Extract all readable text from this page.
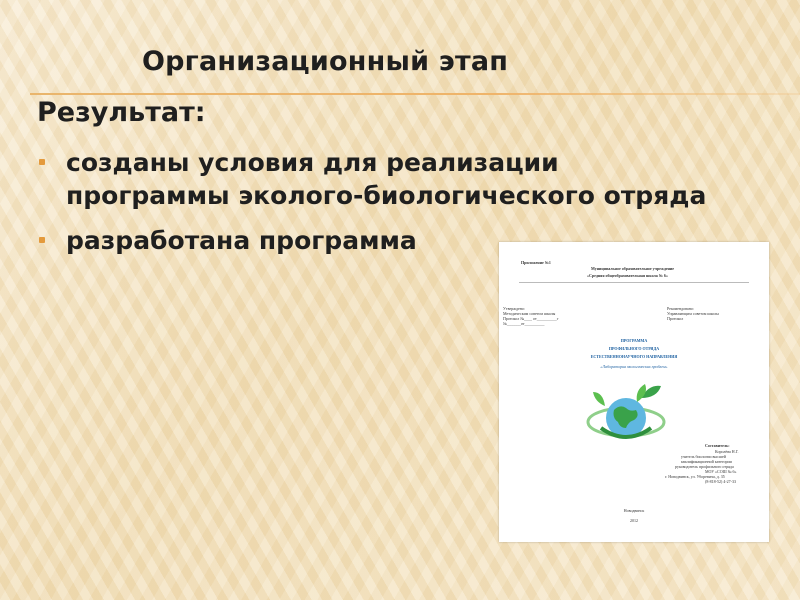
Организационный этап
Результат:
созданы условия для реализации
программы эколого-биологического отряда
разработана программа
Приложение №1
Муниципальное образовательное учреждение
«Средняя общеобразовательная школа № 6»
Утверждено:
Методическим советом школы
Протокол №____ от__________г
№_______от__________
Рекомендовано:
Управляющим советом школы
Протокол
ПРОГРАММА
ПРОФИЛЬНОГО ОТРЯДА
ЕСТЕСТВЕННОНАУЧНОГО НАПРАВЛЕНИЯ
«Лаборатория экологических проблем»
Составитель:
Королёва Н.Г.
учитель биологии высшей
квалификационной категории
руководитель профильного отряда
МОУ «СОШ № 6»
г. Новодвинск, ул. Уборевича, д. 35
(8-818-52) 4-27-33
Новодвинск
2012
